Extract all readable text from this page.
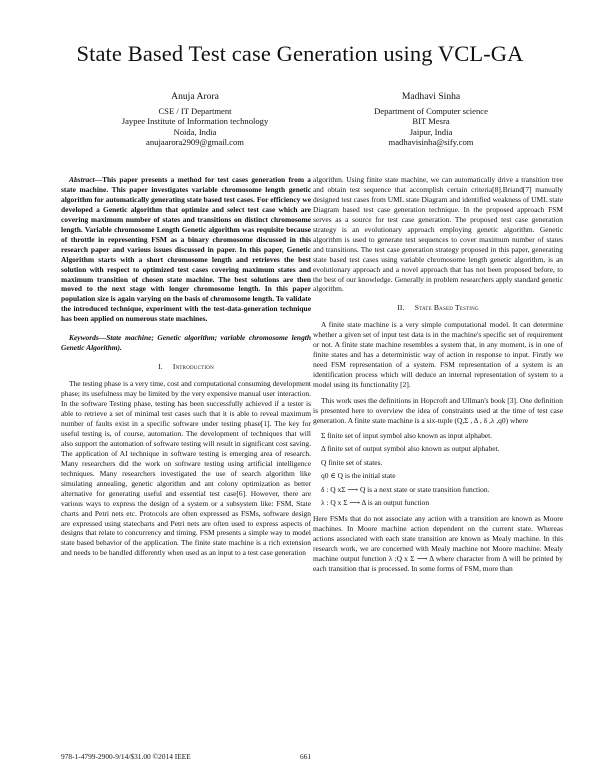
State Based Test case Generation using VCL-GA
Anuja Arora
CSE / IT Department
Jaypee Institute of Information technology
Noida, India
anujaarora2909@gmail.com
Madhavi Sinha
Department of Computer science
BIT Mesra
Jaipur, India
madhavisinha@sify.com

Abstract—This paper presents a method for test cases generation from a state machine. This paper investigates variable chromosome length genetic algorithm for automatically generating state based test cases. For efficiency we developed a Genetic algorithm that optimize and select test case which are covering maximum number of states and transitions on distinct chromosome length. Variable chromosome Length Genetic algorithm was requisite because of throttle in representing FSM as a binary chromosome discussed in this research paper and various issues discussed in paper. In this paper, Genetic Algorithm starts with a short chromosome length and retrieves the best solution with respect to optimized test cases covering maximum states and maximum transition of chosen state machine. The best solutions are then moved to the next stage with longer chromosome length. In this paper population size is again varying on the basis of chromosome length. To validate the introduced technique, experiment with the test-data-generation technique has been applied on numerous state machines.

Keywords—State machine; Genetic algorithm; variable chromosome length Genetic Algorithm).

I. Introduction

The testing phase is a very time, cost and computational consuming development phase; its usefulness may be limited by the very expensive manual user interaction. In the software Testing phase, testing has been successfully achieved if a tester is able to retrieve a set of minimal test cases such that it is able to reveal maximum number of faults exist in a specific software under testing phase[1]. The key for useful testing is, of course, automation. The development of techniques that will also support the automation of software testing will result in significant cost saving. The application of AI technique in software testing is emerging area of research. Many researchers did the work on software testing using artificial intelligence techniques. Many researchers investigated the use of search algorithm like simulating annealing, genetic algorithm and ant colony optimization as better alternative for generating useful and essential test case[6]. However, there are various ways to express the design of a system or a subsystem like: FSM, State charts and Petri nets etc. Protocols are often expressed as FSMs, software design are expressed using statecharts and Petri nets are often used to express aspects of designs that relate to concurrency and timing. FSM presents a simple way to model state based behavior of the application. The finite state machine is a rich extension and needs to be handled differently when used as an input to a test case generation

algorithm. Using finite state machine, we can automatically drive a transition tree and obtain test sequence that accomplish certain criteria[8].Briand[7] manually designed test cases from UML state Diagram and identified weakness of UML state Diagram based test case generation technique. In the proposed approach FSM serves as a source for test case generation. The proposed test case generation strategy is an evolutionary approach employing genetic algorithm. Genetic algorithm is used to generate test sequences to cover maximum number of states and transitions. The test case generation strategy proposed in this paper, generating state based test cases using variable chromosome length genetic algorithm, is an evolutionary approach and a novel approach that has not been proposed before, to the best of our knowledge. Generally in problem researchers apply standard genetic algorithm.

II. State Based Testing

A finite state machine is a very simple computational model. It can determine whether a given set of input test data is in the machine's specific set of requirement or not. A finite state machine resembles a system that, in any moment, is in one of finite states and has a deterministic way of action in response to input. Firstly we need FSM representation of a system. FSM representation of a system is an identification process which will deduce an internal representation of system to a model using its functionality [2].

This work uses the definitions in Hopcroft and Ullman's book [3]. One definition is presented here to overview the idea of constraints used at the time of test case generation. A finite state machine is a six-tuple (Q,Σ , Δ , δ ,λ ,q0) where

Σ finite set of input symbol also known as input alphabet.
Δ finite set of output symbol also known as output alphabet.
Q finite set of states.
q0 ∈ Q is the initial state
δ : Q xΣ ⟶ Q is a next state or state transition function.
λ : Q x Σ ⟶ Δ is an output function

Here FSMs that do not associate any action with a transition are known as Moore machines. In Moore machine action dependent on the current state. Whereas actions associated with each state transition are known as Mealy machine. In this research work, we are concerned with Mealy machine not Moore machine. Mealy machine output function λ :Q x Σ ⟶ Δ where character from Δ will be printed by each transition that is processed. In some forms of FSM, more than

978-1-4799-2900-9/14/$31.00 ©2014 IEEE	661
